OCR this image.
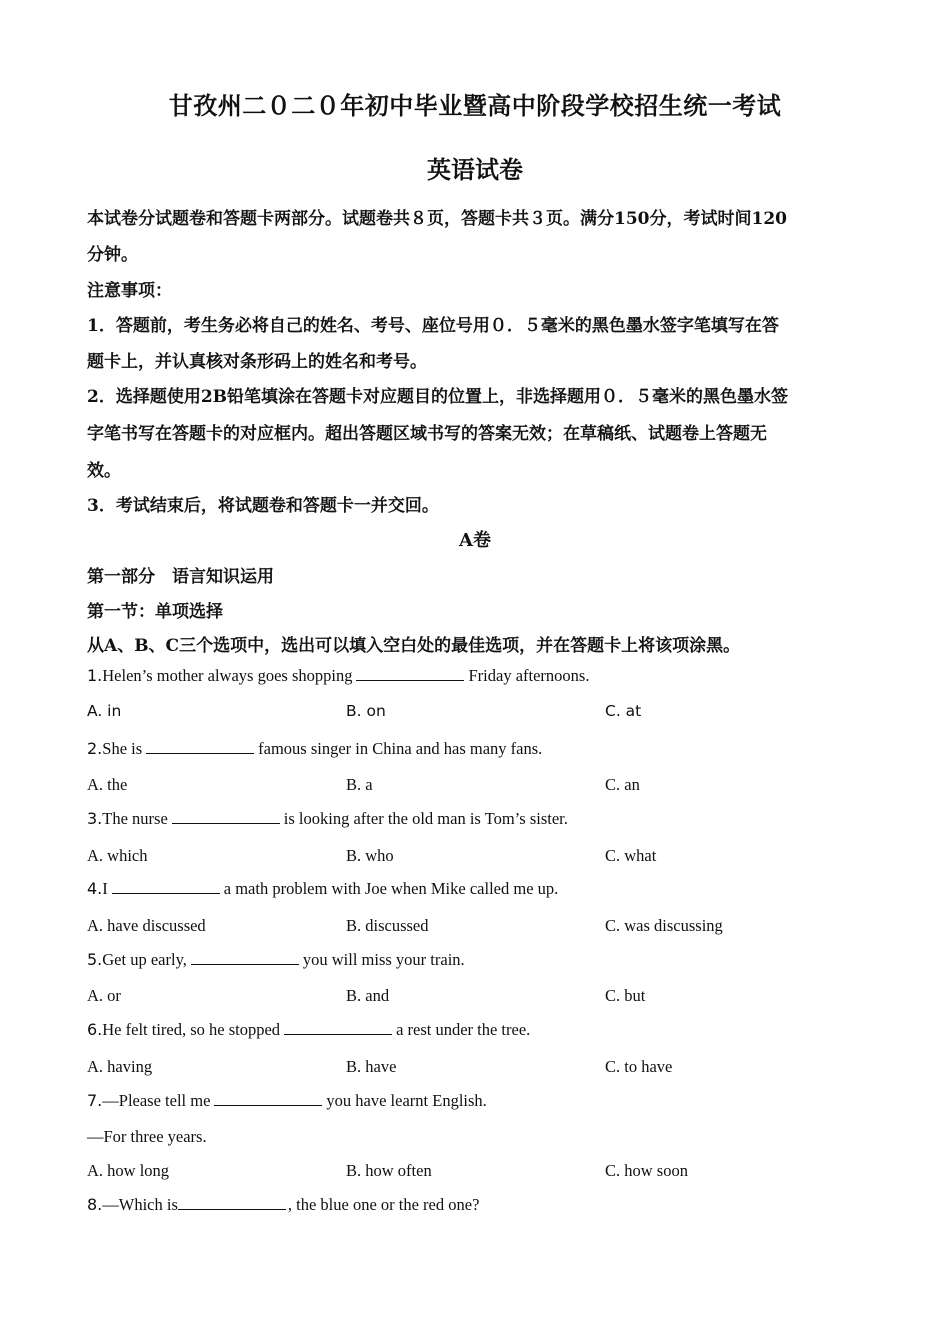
甘孜州二０二０年初中毕业暨高中阶段学校招生统一考试
英语试卷
本试卷分试题卷和答题卡两部分。试题卷共８页，答题卡共３页。满分150分，考试时间120
分钟。
注意事项：
1．答题前，考生务必将自己的姓名、考号、座位号用０．５毫米的黑色墨水签字笔填写在答
题卡上，并认真核对条形码上的姓名和考号。
2．选择题使用2B铅笔填涂在答题卡对应题目的位置上，非选择题用０．５毫米的黑色墨水签
字笔书写在答题卡的对应框内。超出答题区域书写的答案无效；在草稿纸、试题卷上答题无
效。
3．考试结束后，将试题卷和答题卡一并交回。
A卷
第一部分　语言知识运用
第一节：单项选择
从A、B、C三个选项中，选出可以填入空白处的最佳选项，并在答题卡上将该项涂黑。
1.Helen’s mother always goes shopping	Friday afternoons.
A. in	B. on	C. at
2.She is	famous singer in China and has many fans.
A. the	B. a	C. an
3.The nurse	is looking after the old man is Tom’s sister.
A. which	B. who	C. what
4.I	a math problem with Joe when Mike called me up.
A. have discussed	B. discussed	C. was discussing
5.Get up early,	you will miss your train.
A. or	B. and	C. but
6.He felt tired, so he stopped	a rest under the tree.
A. having	B. have	C. to have
7.—Please tell me	you have learnt English.
—For three years.
A. how long	B. how often	C. how soon
8.—Which is	, the blue one or the red one?
